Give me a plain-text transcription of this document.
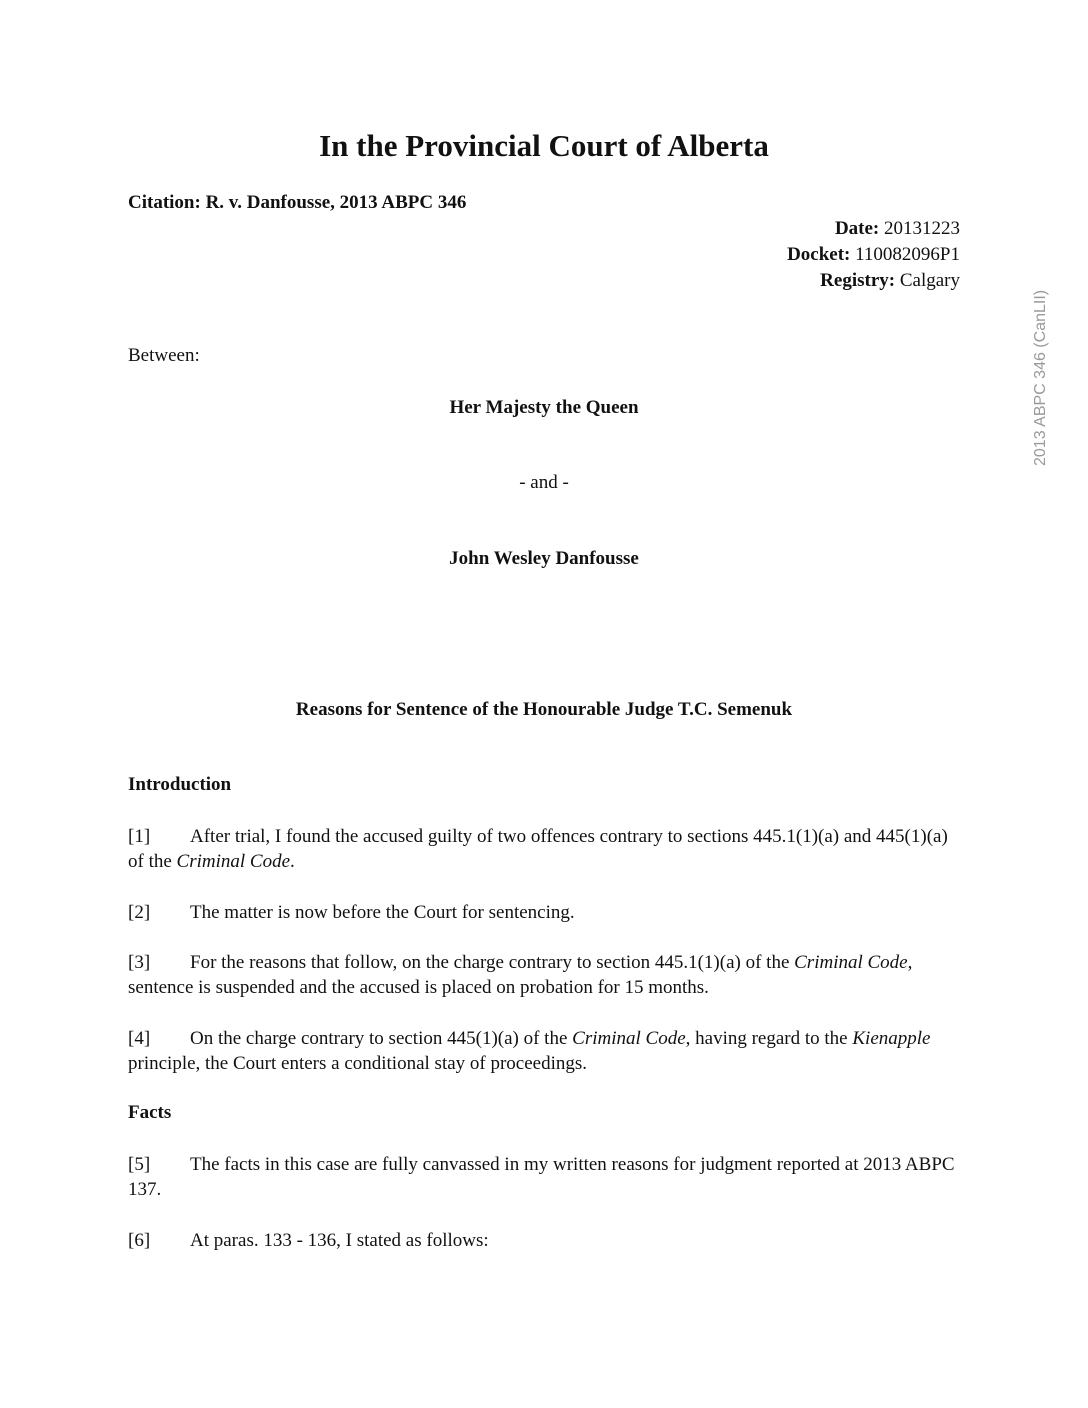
In the Provincial Court of Alberta
Citation: R. v. Danfousse, 2013 ABPC 346
Date: 20131223
Docket: 110082096P1
Registry: Calgary
Between:
Her Majesty the Queen
- and -
John Wesley Danfousse
Reasons for Sentence of the Honourable Judge T.C. Semenuk
Introduction
[1] After trial, I found the accused guilty of two offences contrary to sections 445.1(1)(a) and 445(1)(a) of the Criminal Code.
[2] The matter is now before the Court for sentencing.
[3] For the reasons that follow, on the charge contrary to section 445.1(1)(a) of the Criminal Code, sentence is suspended and the accused is placed on probation for 15 months.
[4] On the charge contrary to section 445(1)(a) of the Criminal Code, having regard to the Kienapple principle, the Court enters a conditional stay of proceedings.
Facts
[5] The facts in this case are fully canvassed in my written reasons for judgment reported at 2013 ABPC 137.
[6] At paras. 133 - 136, I stated as follows:
2013 ABPC 346 (CanLII)
